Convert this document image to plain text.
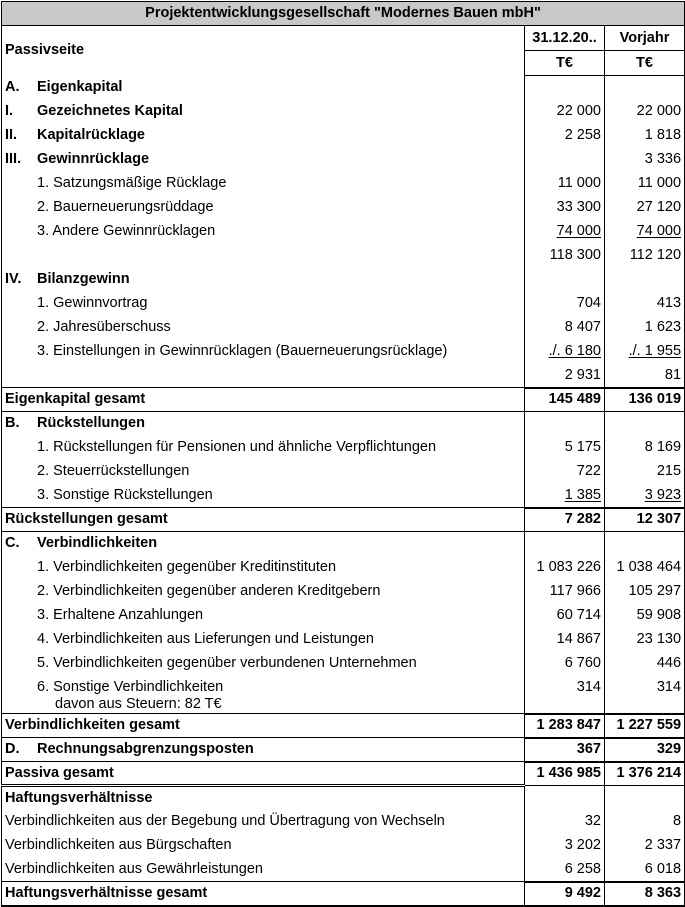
Projektentwicklungsgesellschaft "Modernes Bauen mbH"		
Passivseite	31.12.20..	Vorjahr
	T€	T€
A. Eigenkapital		
I. Gezeichnetes Kapital	22 000	22 000
II. Kapitalrücklage	2 258	1 818
III. Gewinnrücklage		3 336
1. Satzungsmäßige Rücklage	11 000	11 000
2. Bauerneuerungsrüddage	33 300	27 120
3. Andere Gewinnrücklagen	74 000	74 000
	118 300	112 120
IV. Bilanzgewinn		
1. Gewinnvortrag	704	413
2. Jahresüberschuss	8 407	1 623
3. Einstellungen in Gewinnrücklagen (Bauerneuerungsrücklage)	./. 6 180	./. 1 955
	2 931	81
Eigenkapital gesamt	145 489	136 019
B. Rückstellungen		
1. Rückstellungen für Pensionen und ähnliche Verpflichtungen	5 175	8 169
2. Steuerrückstellungen	722	215
3. Sonstige Rückstellungen	1 385	3 923
Rückstellungen gesamt	7 282	12 307
C. Verbindlichkeiten		
1. Verbindlichkeiten gegenüber Kreditinstituten	1 083 226	1 038 464
2. Verbindlichkeiten gegenüber anderen Kreditgebern	117 966	105 297
3. Erhaltene Anzahlungen	60 714	59 908
4. Verbindlichkeiten aus Lieferungen und Leistungen	14 867	23 130
5. Verbindlichkeiten gegenüber verbundenen Unternehmen	6 760	446
6. Sonstige Verbindlichkeiten
davon aus Steuern: 82 T€	314	314
Verbindlichkeiten gesamt	1 283 847	1 227 559
D. Rechnungsabgrenzungsposten	367	329
Passiva gesamt	1 436 985	1 376 214
Haftungsverhältnisse		
Verbindlichkeiten aus der Begebung und Übertragung von Wechseln	32	8
Verbindlichkeiten aus Bürgschaften	3 202	2 337
Verbindlichkeiten aus Gewährleistungen	6 258	6 018
Haftungsverhältnisse gesamt	9 492	8 363
